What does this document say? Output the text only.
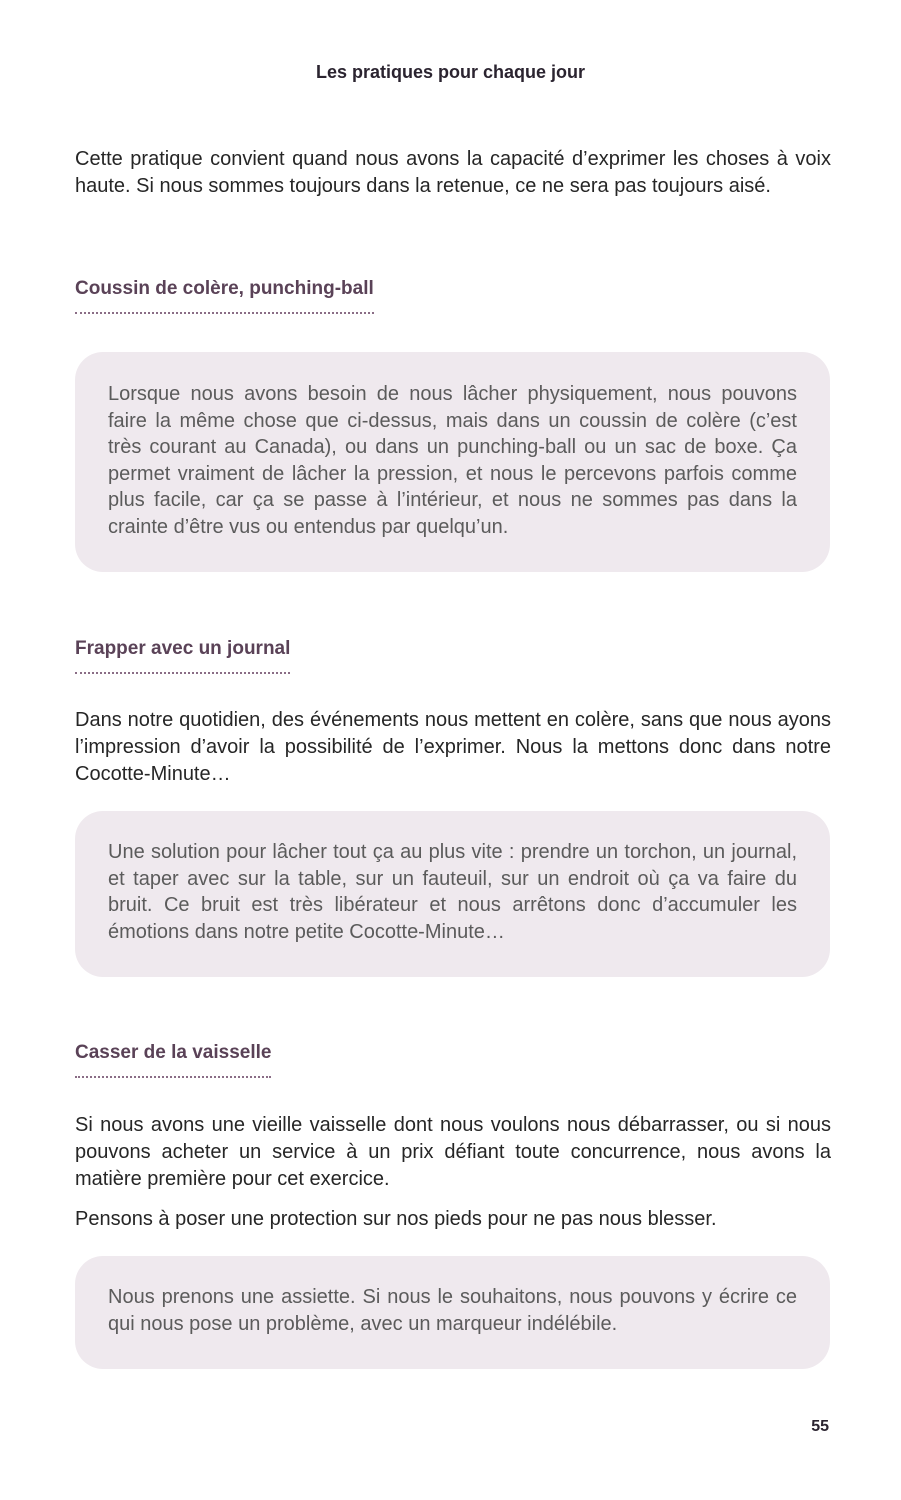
Les pratiques pour chaque jour

Cette pratique convient quand nous avons la capacité d’exprimer les choses à voix haute. Si nous sommes toujours dans la retenue, ce ne sera pas toujours aisé.

Coussin de colère, punching-ball

Lorsque nous avons besoin de nous lâcher physiquement, nous pouvons faire la même chose que ci-dessus, mais dans un coussin de colère (c’est très courant au Canada), ou dans un punching-ball ou un sac de boxe. Ça permet vraiment de lâcher la pression, et nous le percevons parfois comme plus facile, car ça se passe à l’intérieur, et nous ne sommes pas dans la crainte d’être vus ou entendus par quelqu’un.

Frapper avec un journal

Dans notre quotidien, des événements nous mettent en colère, sans que nous ayons l’impression d’avoir la possibilité de l’exprimer. Nous la mettons donc dans notre Cocotte-Minute…

Une solution pour lâcher tout ça au plus vite : prendre un torchon, un journal, et taper avec sur la table, sur un fauteuil, sur un endroit où ça va faire du bruit. Ce bruit est très libérateur et nous arrêtons donc d’accumuler les émotions dans notre petite Cocotte-Minute…

Casser de la vaisselle

Si nous avons une vieille vaisselle dont nous voulons nous débarrasser, ou si nous pouvons acheter un service à un prix défiant toute concurrence, nous avons la matière première pour cet exercice.

Pensons à poser une protection sur nos pieds pour ne pas nous blesser.

Nous prenons une assiette. Si nous le souhaitons, nous pouvons y écrire ce qui nous pose un problème, avec un marqueur indélébile.

55
